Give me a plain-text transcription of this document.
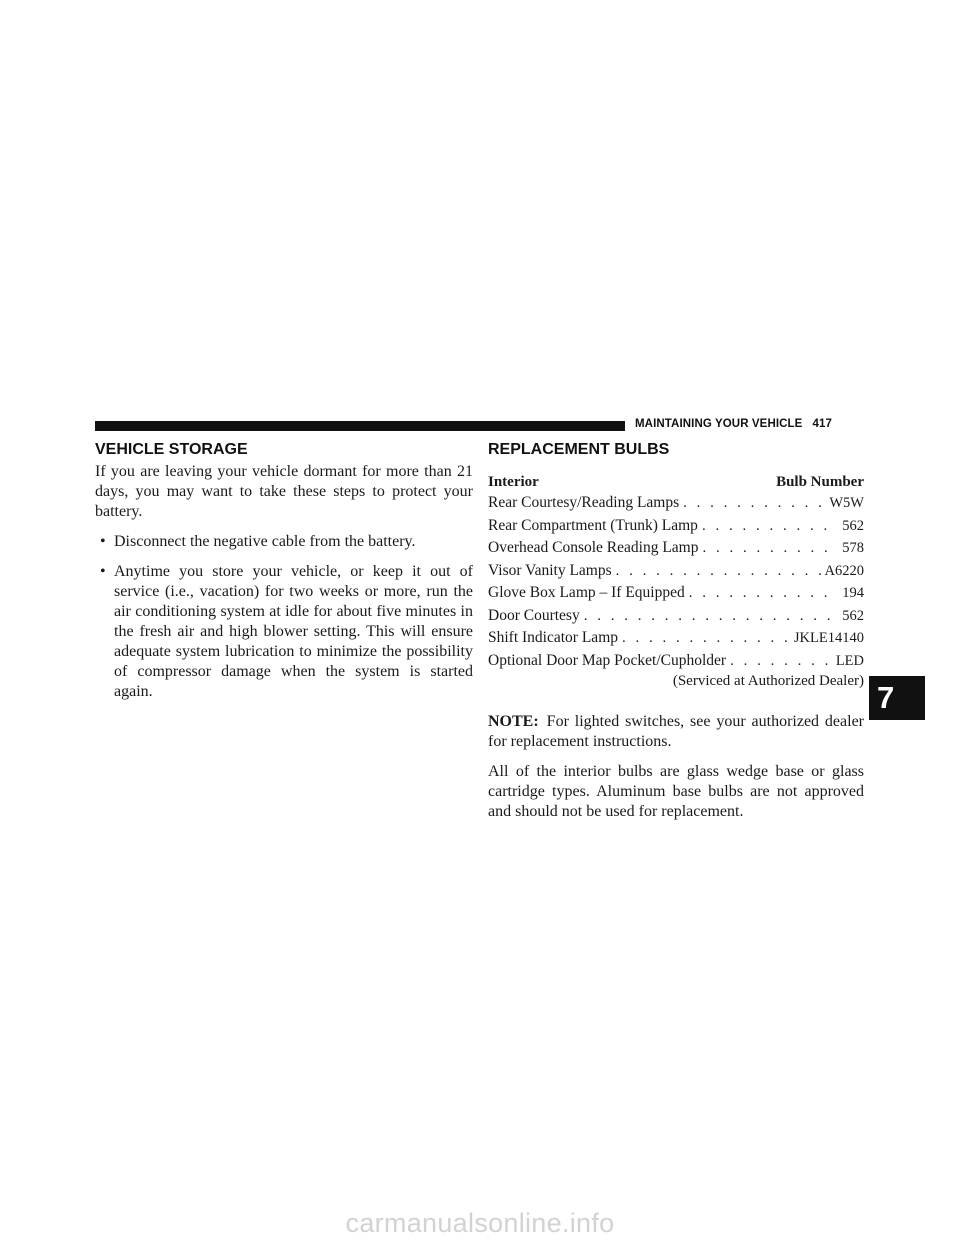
MAINTAINING YOUR VEHICLE 417
VEHICLE STORAGE

If you are leaving your vehicle dormant for more than 21 days, you may want to take these steps to protect your battery.

• Disconnect the negative cable from the battery.
• Anytime you store your vehicle, or keep it out of service (i.e., vacation) for two weeks or more, run the air conditioning system at idle for about five minutes in the fresh air and high blower setting. This will ensure adequate system lubrication to minimize the possibility of compressor damage when the system is started again.
REPLACEMENT BULBS
Interior	Bulb Number
Rear Courtesy/Reading Lamps . . .	W5W
Rear Compartment (Trunk) Lamp . . .	562
Overhead Console Reading Lamp . . .	578
Visor Vanity Lamps . . .	A6220
Glove Box Lamp – If Equipped . . .	194
Door Courtesy . . .	562
Shift Indicator Lamp . . .	JKLE14140
Optional Door Map Pocket/Cupholder . . .	LED
(Serviced at Authorized Dealer)

NOTE: For lighted switches, see your authorized dealer for replacement instructions.

All of the interior bulbs are glass wedge base or glass cartridge types. Aluminum base bulbs are not approved and should not be used for replacement.

7
carmanualsonline.info
